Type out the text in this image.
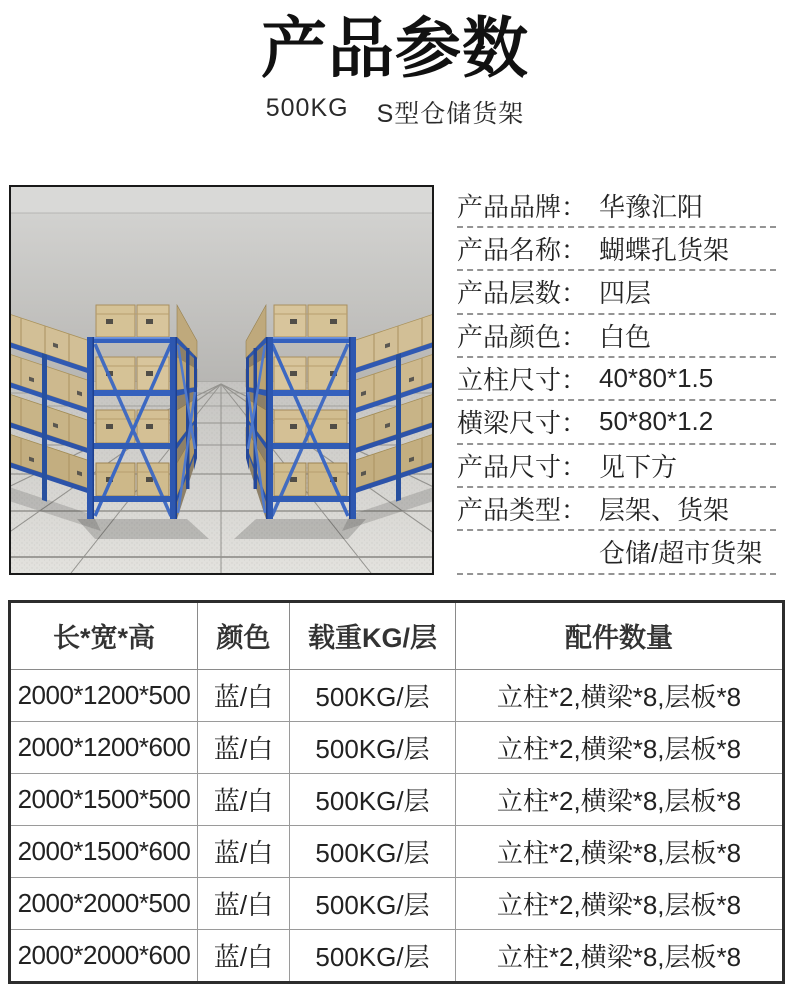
产品参数
500KG S型仓储货架
产品品牌： 华豫汇阳
产品名称： 蝴蝶孔货架
产品层数： 四层
产品颜色： 白色
立柱尺寸： 40*80*1.5
横梁尺寸： 50*80*1.2
产品尺寸： 见下方
产品类型： 层架、货架
仓储/超市货架
长*宽*高	颜色	载重KG/层	配件数量
2000*1200*500	蓝/白	500KG/层	立柱*2,横梁*8,层板*8
2000*1200*600	蓝/白	500KG/层	立柱*2,横梁*8,层板*8
2000*1500*500	蓝/白	500KG/层	立柱*2,横梁*8,层板*8
2000*1500*600	蓝/白	500KG/层	立柱*2,横梁*8,层板*8
2000*2000*500	蓝/白	500KG/层	立柱*2,横梁*8,层板*8
2000*2000*600	蓝/白	500KG/层	立柱*2,横梁*8,层板*8
